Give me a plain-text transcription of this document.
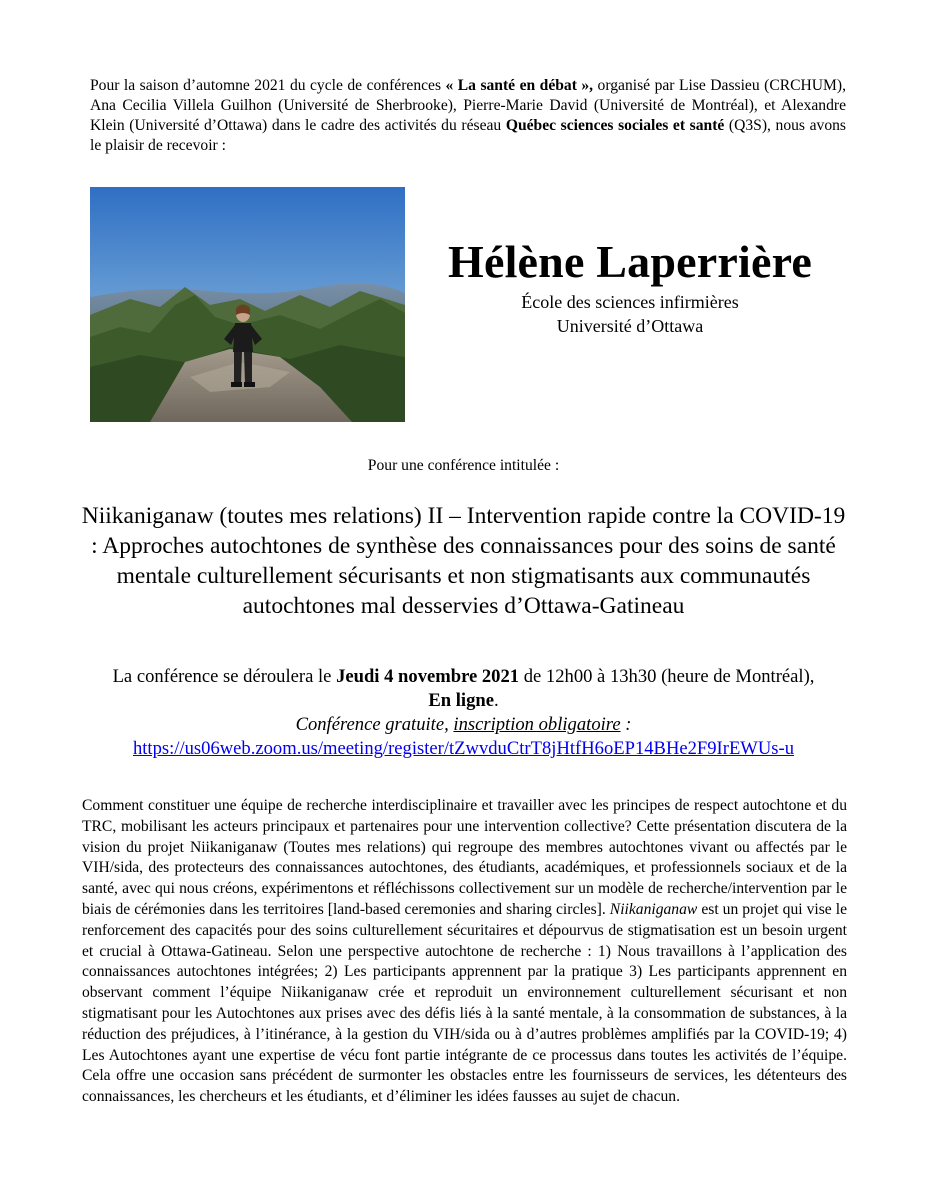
Pour la saison d’automne 2021 du cycle de conférences « La santé en débat », organisé par Lise Dassieu (CRCHUM), Ana Cecilia Villela Guilhon (Université de Sherbrooke), Pierre-Marie David (Université de Montréal), et Alexandre Klein (Université d’Ottawa) dans le cadre des activités du réseau Québec sciences sociales et santé (Q3S), nous avons le plaisir de recevoir :

Hélène Laperrière
École des sciences infirmières
Université d’Ottawa
Pour une conférence intitulée :
Niikaniganaw (toutes mes relations) II – Intervention rapide contre la COVID-19 : Approches autochtones de synthèse des connaissances pour des soins de santé mentale culturellement sécurisants et non stigmatisants aux communautés autochtones mal desservies d’Ottawa-Gatineau
La conférence se déroulera le Jeudi 4 novembre 2021 de 12h00 à 13h30 (heure de Montréal),
En ligne.
Conférence gratuite, inscription obligatoire :
https://us06web.zoom.us/meeting/register/tZwvduCtrT8jHtfH6oEP14BHe2F9IrEWUs-u

Comment constituer une équipe de recherche interdisciplinaire et travailler avec les principes de respect autochtone et du TRC, mobilisant les acteurs principaux et partenaires pour une intervention collective? Cette présentation discutera de la vision du projet Niikaniganaw (Toutes mes relations) qui regroupe des membres autochtones vivant ou affectés par le VIH/sida, des protecteurs des connaissances autochtones, des étudiants, académiques, et professionnels sociaux et de la santé, avec qui nous créons, expérimentons et réfléchissons collectivement sur un modèle de recherche/intervention par le biais de cérémonies dans les territoires [land-based ceremonies and sharing circles]. Niikaniganaw est un projet qui vise le renforcement des capacités pour des soins culturellement sécuritaires et dépourvus de stigmatisation est un besoin urgent et crucial à Ottawa-Gatineau. Selon une perspective autochtone de recherche : 1) Nous travaillons à l’application des connaissances autochtones intégrées; 2) Les participants apprennent par la pratique 3) Les participants apprennent en observant comment l’équipe Niikaniganaw crée et reproduit un environnement culturellement sécurisant et non stigmatisant pour les Autochtones aux prises avec des défis liés à la santé mentale, à la consommation de substances, à la réduction des préjudices, à l’itinérance, à la gestion du VIH/sida ou à d’autres problèmes amplifiés par la COVID-19; 4) Les Autochtones ayant une expertise de vécu font partie intégrante de ce processus dans toutes les activités de l’équipe. Cela offre une occasion sans précédent de surmonter les obstacles entre les fournisseurs de services, les détenteurs des connaissances, les chercheurs et les étudiants, et d’éliminer les idées fausses au sujet de chacun.
